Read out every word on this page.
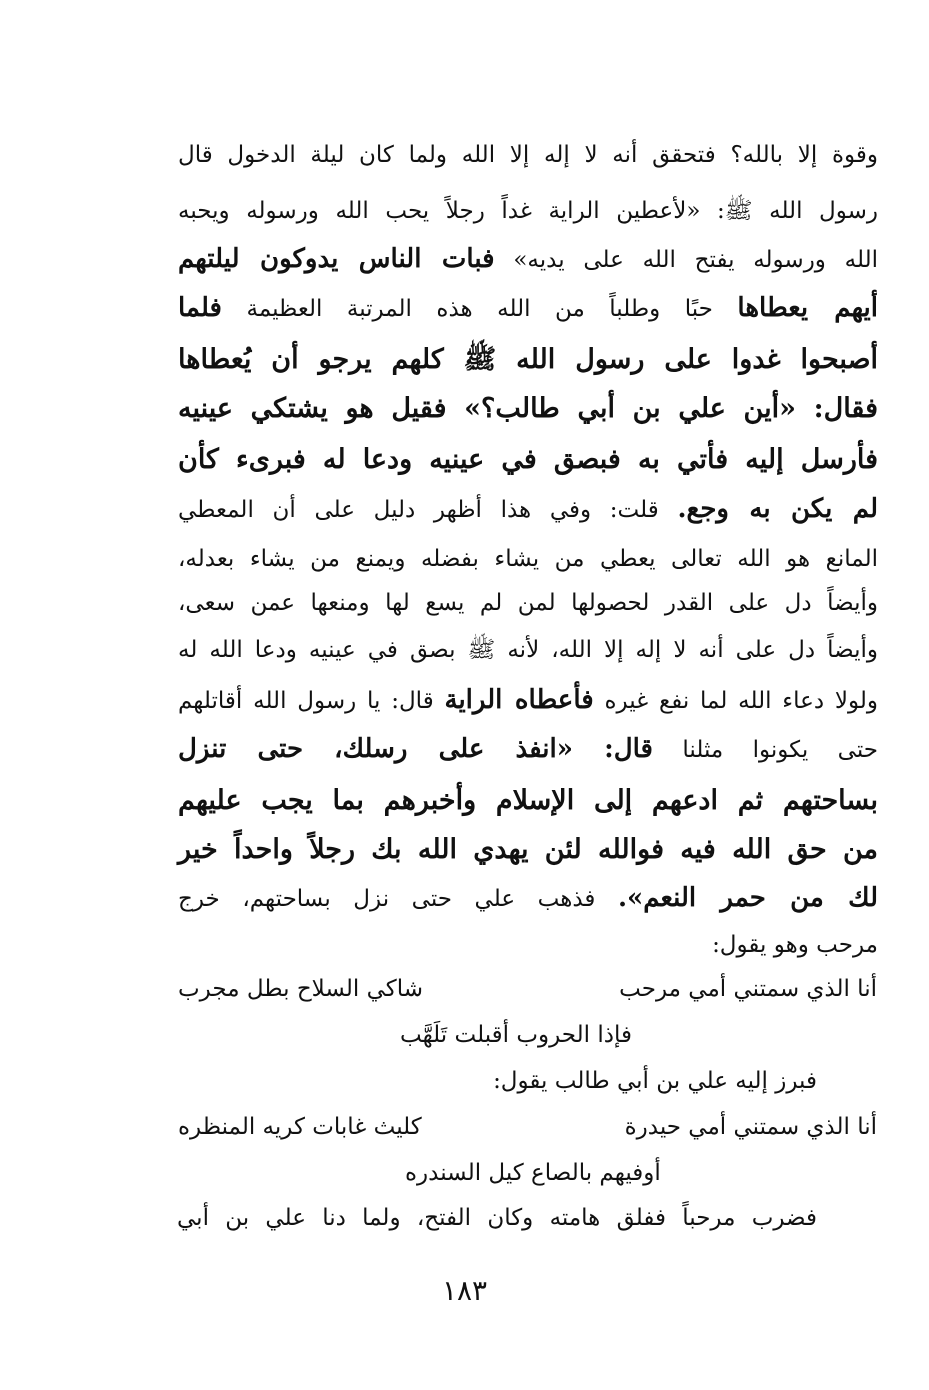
وقوة إلا بالله؟ فتحقق أنه لا إله إلا الله ولما كان ليلة الدخول قال
رسول الله ﷺ: «لأعطين الراية غداً رجلاً يحب الله ورسوله ويحبه
الله ورسوله يفتح الله على يديه» فبات الناس يدوكون ليلتهم
أيهم يعطاها حبًا وطلباً من الله هذه المرتبة العظيمة فلما
أصبحوا غدوا على رسول الله ﷺ كلهم يرجو أن يُعطاها
فقال: «أين علي بن أبي طالب؟» فقيل هو يشتكي عينيه
فأرسل إليه فأتي به فبصق في عينيه ودعا له فبرىء كأن
لم يكن به وجع. قلت: وفي هذا أظهر دليل على أن المعطي
المانع هو الله تعالى يعطي من يشاء بفضله ويمنع من يشاء بعدله،
وأيضاً دل على القدر لحصولها لمن لم يسع لها ومنعها عمن سعى،
وأيضاً دل على أنه لا إله إلا الله، لأنه ﷺ بصق في عينيه ودعا الله له
ولولا دعاء الله لما نفع غيره فأعطاه الراية قال: يا رسول الله أقاتلهم
حتى يكونوا مثلنا قال: «انفذ على رسلك، حتى تنزل
بساحتهم ثم ادعهم إلى الإسلام وأخبرهم بما يجب عليهم
من حق الله فيه فوالله لئن يهدي الله بك رجلاً واحداً خير
لك من حمر النعم». فذهب علي حتى نزل بساحتهم، خرج
مرحب وهو يقول:
أنا الذي سمتني أمي مرحب
شاكي السلاح بطل مجرب
فإذا الحروب أقبلت تَلَهَّب
فبرز إليه علي بن أبي طالب يقول:
أنا الذي سمتني أمي حيدرة
كليث غابات كريه المنظره
أوفيهم بالصاع كيل السندره
فضرب مرحباً ففلق هامته وكان الفتح، ولما دنا علي بن أبي
١٨٣
